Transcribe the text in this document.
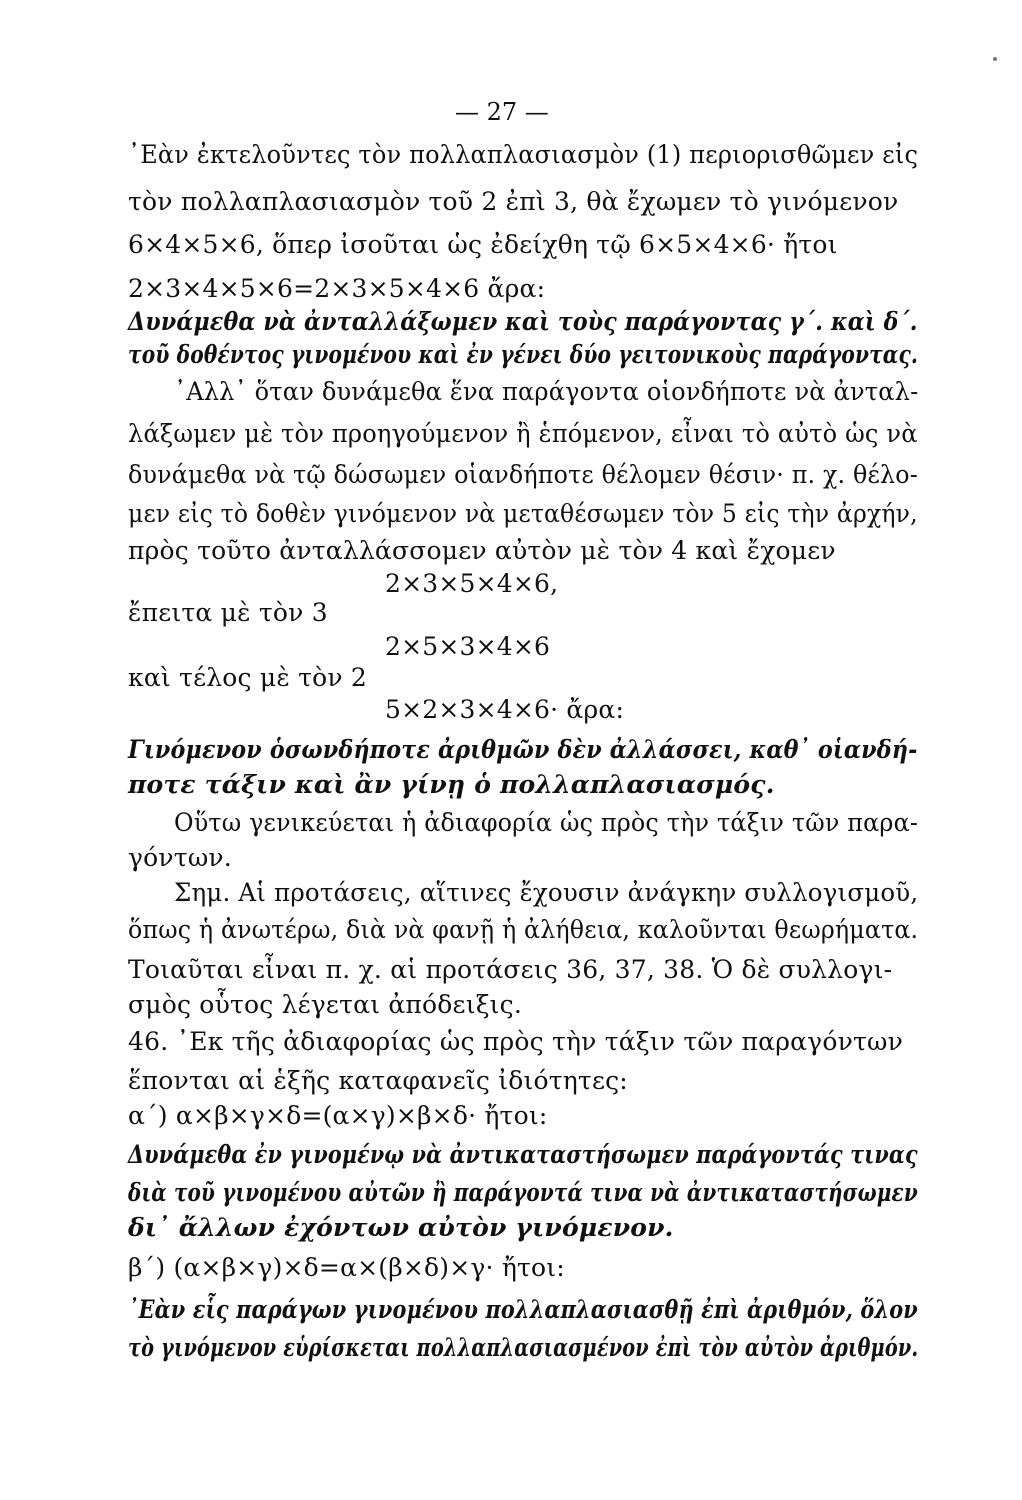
— 27 —
᾿Εὰν ἐκτελοῦντες τὸν πολλαπλασιασμὸν (1) περιορισθῶμεν εἰς
τὸν πολλαπλασιασμὸν τοῦ 2 ἐπὶ 3, θὰ ἔχωμεν τὸ γινόμενον
6×4×5×6, ὅπερ ἰσοῦται ὡς ἐδείχθη τῷ 6×5×4×6· ἤτοι
2×3×4×5×6=2×3×5×4×6 ἄρα:
Δυνάμεθα νὰ ἀνταλλάξωμεν καὶ τοὺς παράγοντας γ΄. καὶ δ΄.
τοῦ δοθέντος γινομένου καὶ ἐν γένει δύο γειτονικοὺς παράγοντας.
᾿Αλλ᾿ ὅταν δυνάμεθα ἕνα παράγοντα οἱονδήποτε νὰ ἀνταλ-
λάξωμεν μὲ τὸν προηγούμενον ἢ ἑπόμενον, εἶναι τὸ αὐτὸ ὡς νὰ
δυνάμεθα νὰ τῷ δώσωμεν οἱανδήποτε θέλομεν θέσιν· π. χ. θέλο-
μεν εἰς τὸ δοθὲν γινόμενον νὰ μεταθέσωμεν τὸν 5 εἰς τὴν ἀρχήν,
πρὸς τοῦτο ἀνταλλάσσομεν αὐτὸν μὲ τὸν 4 καὶ ἔχομεν
2×3×5×4×6,
ἔπειτα μὲ τὸν 3
2×5×3×4×6
καὶ τέλος μὲ τὸν 2
5×2×3×4×6· ἄρα:
Γινόμενον ὁσωνδήποτε ἀριθμῶν δὲν ἀλλάσσει, καθ᾿ οἱανδή-
ποτε τάξιν καὶ ἂν γίνῃ ὁ πολλαπλασιασμός.
Οὕτω γενικεύεται ἡ ἀδιαφορία ὡς πρὸς τὴν τάξιν τῶν παρα-
γόντων.
Σημ. Αἱ προτάσεις, αἵτινες ἔχουσιν ἀνάγκην συλλογισμοῦ,
ὅπως ἡ ἀνωτέρω, διὰ νὰ φανῇ ἡ ἀλήθεια, καλοῦνται θεωρήματα.
Τοιαῦται εἶναι π. χ. αἱ προτάσεις 36, 37, 38. Ὁ δὲ συλλογι-
σμὸς οὗτος λέγεται ἀπόδειξις.
46. ᾿Εκ τῆς ἀδιαφορίας ὡς πρὸς τὴν τάξιν τῶν παραγόντων
ἕπονται αἱ ἑξῆς καταφανεῖς ἰδιότητες:
α΄) α×β×γ×δ=(α×γ)×β×δ· ἤτοι:
Δυνάμεθα ἐν γινομένῳ νὰ ἀντικαταστήσωμεν παράγοντάς τινας
διὰ τοῦ γινομένου αὐτῶν ἢ παράγοντά τινα νὰ ἀντικαταστήσωμεν
δι᾿ ἄλλων ἐχόντων αὐτὸν γινόμενον.
β΄) (α×β×γ)×δ=α×(β×δ)×γ· ἤτοι:
᾿Εὰν εἷς παράγων γινομένου πολλαπλασιασθῇ ἐπὶ ἀριθμόν, ὅλον
τὸ γινόμενον εὑρίσκεται πολλαπλασιασμένον ἐπὶ τὸν αὐτὸν ἀριθμόν.
